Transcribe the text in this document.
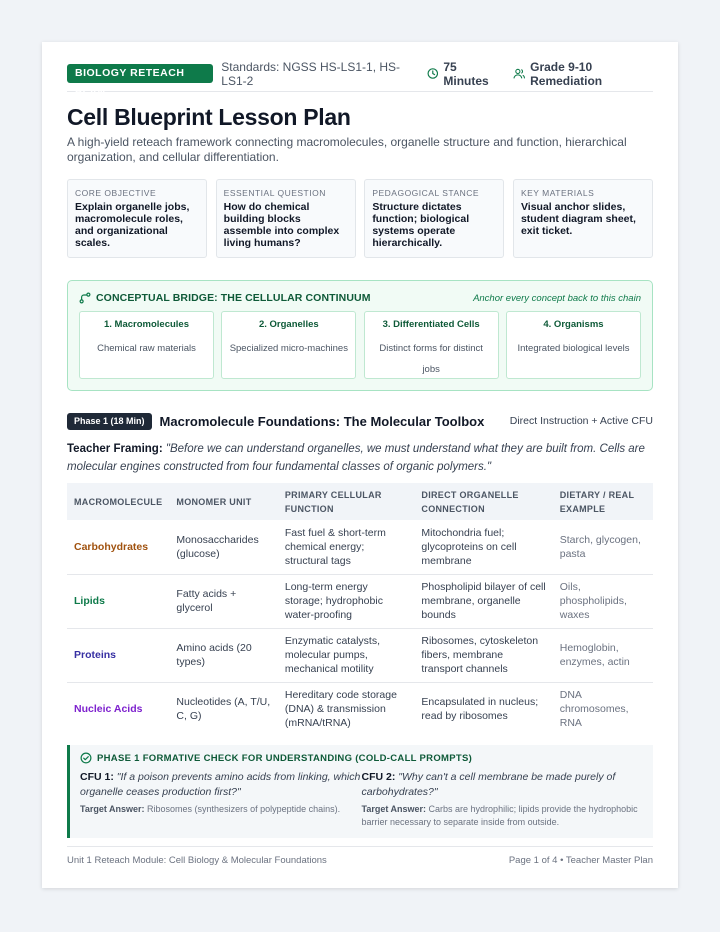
BIOLOGY RETEACH PLAN
Standards: NGSS HS-LS1-1, HS-LS1-2
75 Minutes
Grade 9-10 Remediation
Cell Blueprint Lesson Plan

A high-yield reteach framework connecting macromolecules, organelle structure and function, hierarchical organization, and cellular differentiation.

CORE OBJECTIVE
Explain organelle jobs, macromolecule roles, and organizational scales.
ESSENTIAL QUESTION
How do chemical building blocks assemble into complex living humans?
PEDAGOGICAL STANCE
Structure dictates function; biological systems operate hierarchically.
KEY MATERIALS
Visual anchor slides, student diagram sheet, exit ticket.
CONCEPTUAL BRIDGE: THE CELLULAR CONTINUUM	Anchor every concept back to this chain
1. Macromolecules
Chemical raw materials
2. Organelles
Specialized micro-machines
3. Differentiated Cells
Distinct forms for distinct jobs
4. Organisms
Integrated biological levels
Phase 1 (18 Min)	Macromolecule Foundations: The Molecular Toolbox Direct Instruction + Active CFU

Teacher Framing: "Before we can understand organelles, we must understand what they are built from. Cells are molecular engines constructed from four fundamental classes of organic polymers."

MACROMOLECULE	MONOMER UNIT	PRIMARY CELLULAR FUNCTION	DIRECT ORGANELLE CONNECTION	DIETARY / REAL EXAMPLE
Carbohydrates	Monosaccharides (glucose)	Fast fuel & short-term chemical energy; structural tags	Mitochondria fuel; glycoproteins on cell membrane	Starch, glycogen, pasta
Lipids	Fatty acids + glycerol	Long-term energy storage; hydrophobic water-proofing	Phospholipid bilayer of cell membrane, organelle bounds	Oils, phospholipids, waxes
Proteins	Amino acids (20 types)	Enzymatic catalysts, molecular pumps, mechanical motility	Ribosomes, cytoskeleton fibers, membrane transport channels	Hemoglobin, enzymes, actin
Nucleic Acids	Nucleotides (A, T/U, C, G)	Hereditary code storage (DNA) & transmission (mRNA/tRNA)	Encapsulated in nucleus; read by ribosomes	DNA chromosomes, RNA
PHASE 1 FORMATIVE CHECK FOR UNDERSTANDING (COLD-CALL PROMPTS)

CFU 1: "If a poison prevents amino acids from linking, which organelle ceases production first?"

Target Answer: Ribosomes (synthesizers of polypeptide chains).

CFU 2: "Why can't a cell membrane be made purely of carbohydrates?"

Target Answer: Carbs are hydrophilic; lipids provide the hydrophobic barrier necessary to separate inside from outside.

Unit 1 Reteach Module: Cell Biology & Molecular Foundations	Page 1 of 4 • Teacher Master Plan
